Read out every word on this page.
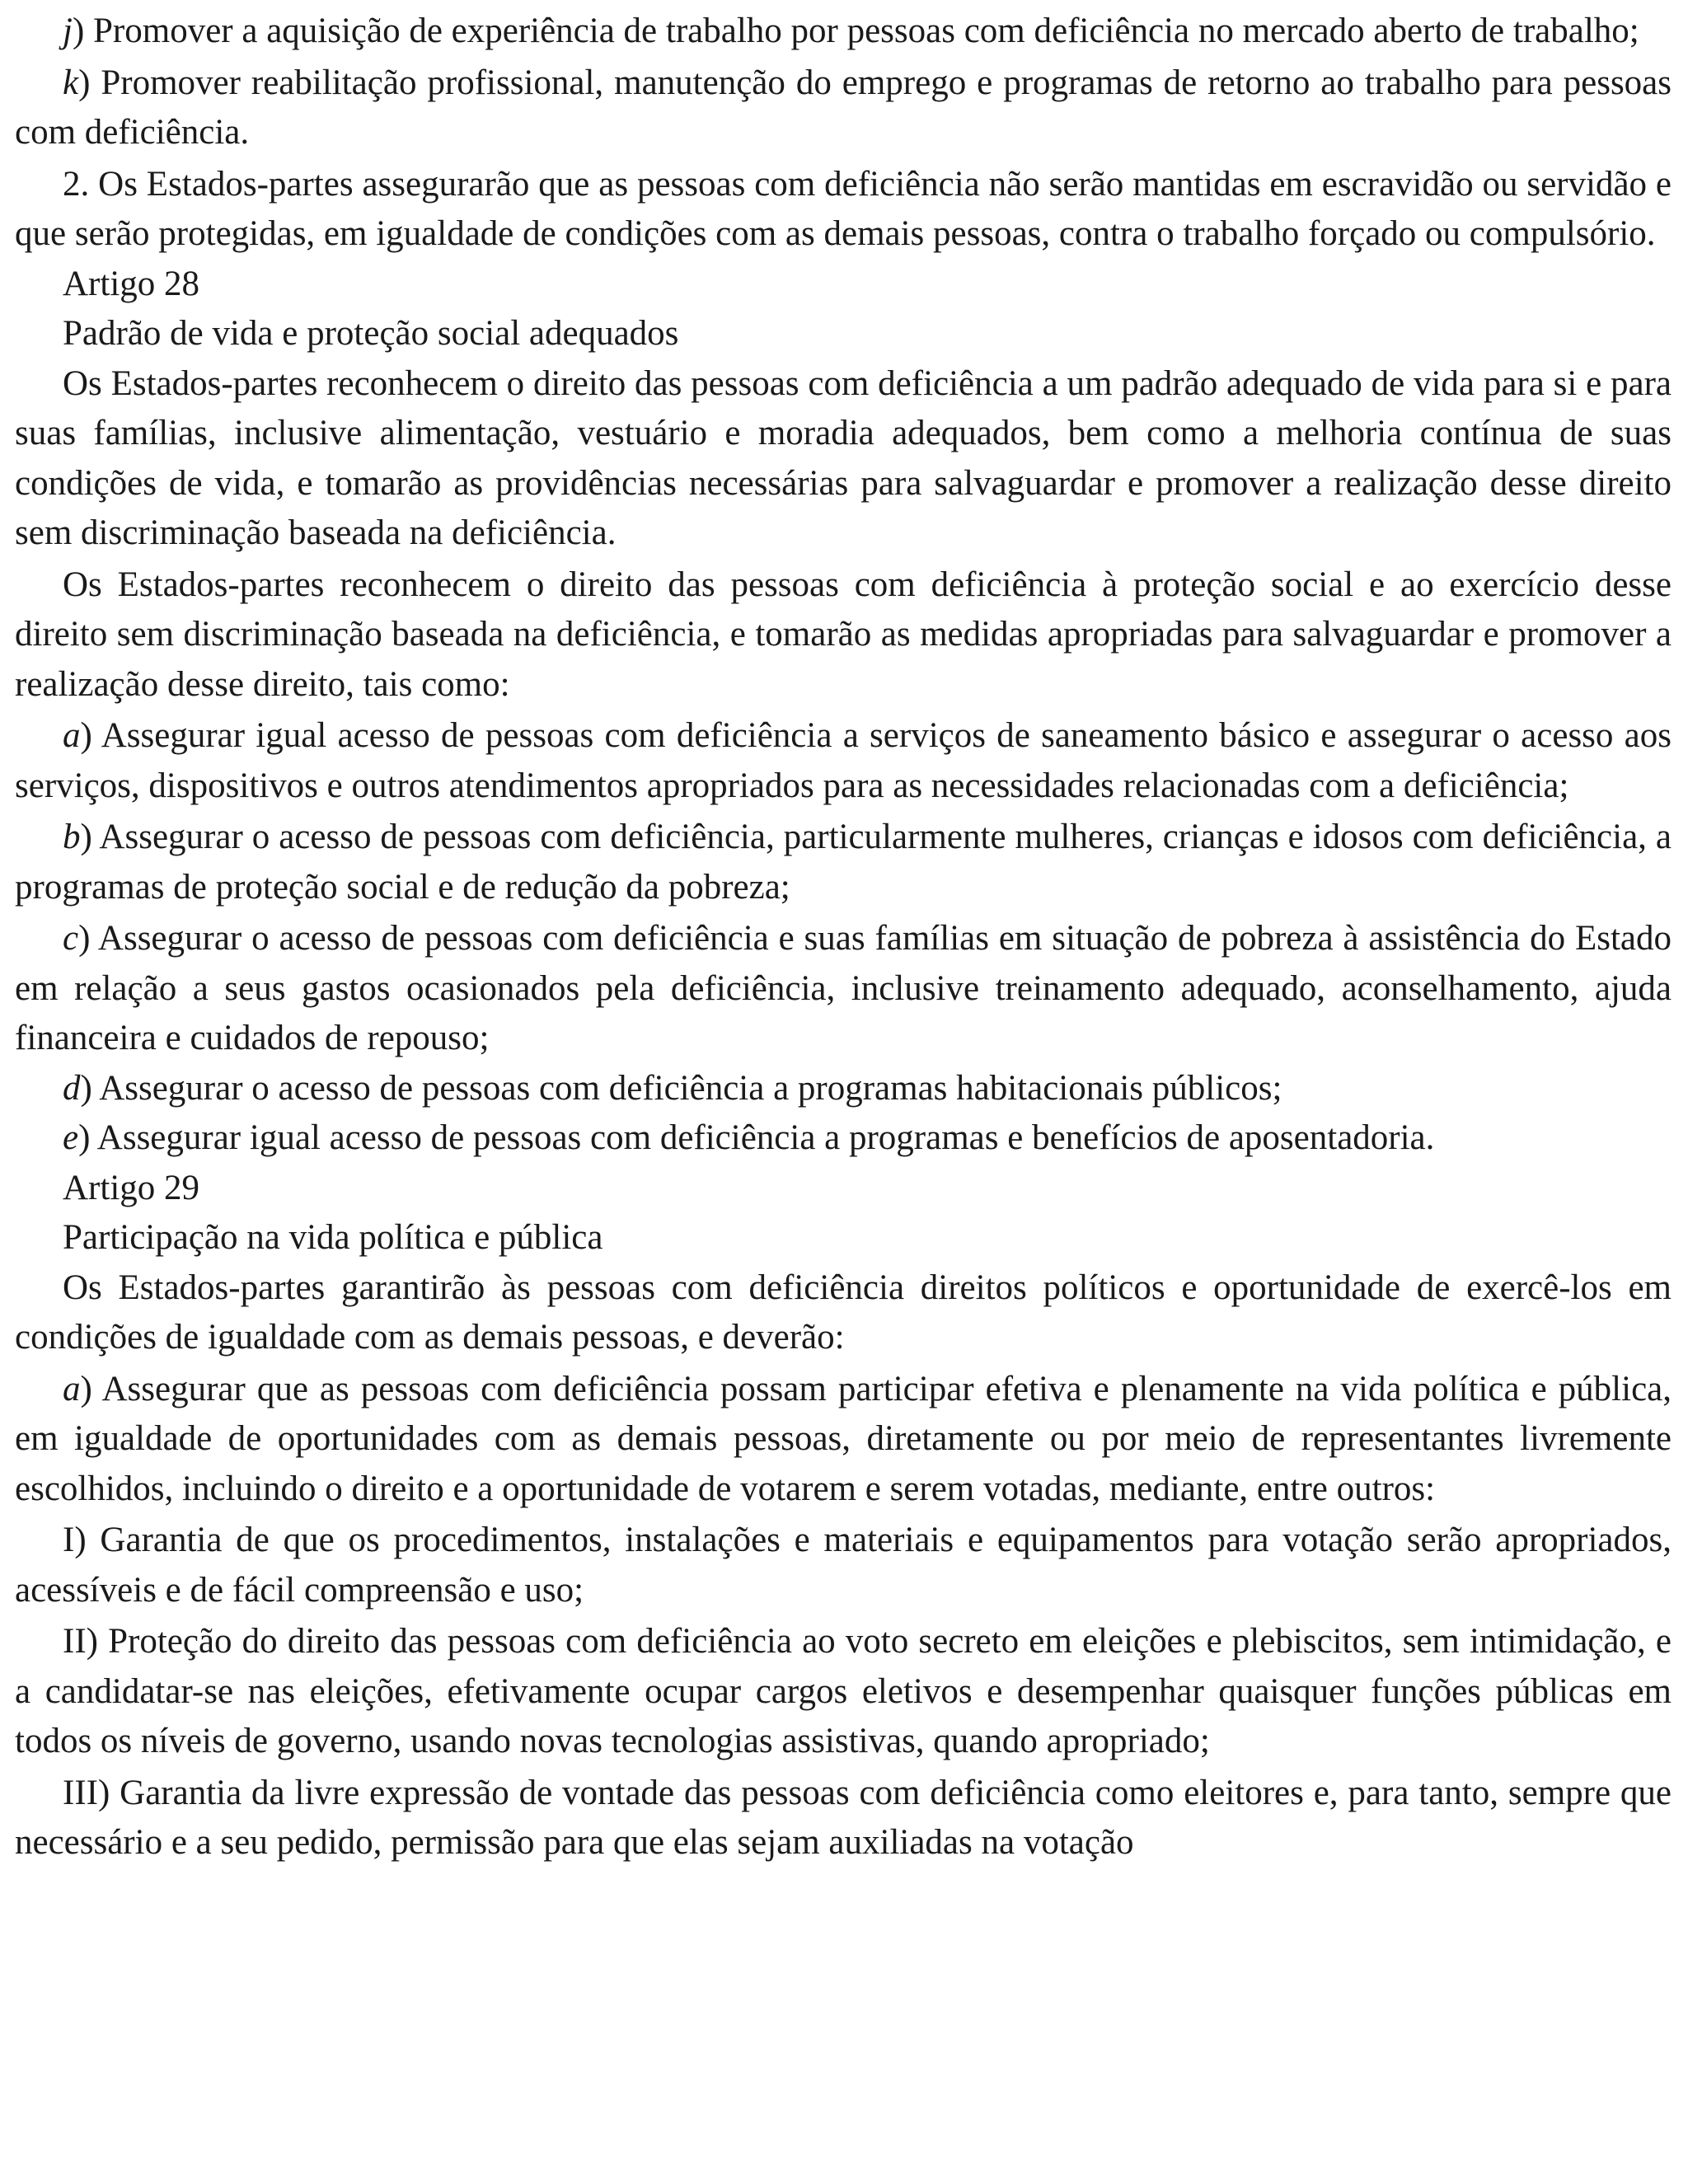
j) Promover a aquisição de experiência de trabalho por pessoas com deficiência no mercado aberto de trabalho;

k) Promover reabilitação profissional, manutenção do emprego e programas de retorno ao trabalho para pessoas com deficiência.

2. Os Estados-partes assegurarão que as pessoas com deficiência não serão mantidas em escravidão ou servidão e que serão protegidas, em igualdade de condições com as demais pessoas, contra o trabalho forçado ou compulsório.

Artigo 28

Padrão de vida e proteção social adequados

Os Estados-partes reconhecem o direito das pessoas com deficiência a um padrão adequado de vida para si e para suas famílias, inclusive alimentação, vestuário e moradia adequados, bem como a melhoria contínua de suas condições de vida, e tomarão as providências necessárias para salvaguardar e promover a realização desse direito sem discriminação baseada na deficiência.

Os Estados-partes reconhecem o direito das pessoas com deficiência à proteção social e ao exercício desse direito sem discriminação baseada na deficiência, e tomarão as medidas apropriadas para salvaguardar e promover a realização desse direito, tais como:

a) Assegurar igual acesso de pessoas com deficiência a serviços de saneamento básico e assegurar o acesso aos serviços, dispositivos e outros atendimentos apropriados para as necessidades relacionadas com a deficiência;

b) Assegurar o acesso de pessoas com deficiência, particularmente mulheres, crianças e idosos com deficiência, a programas de proteção social e de redução da pobreza;

c) Assegurar o acesso de pessoas com deficiência e suas famílias em situação de pobreza à assistência do Estado em relação a seus gastos ocasionados pela deficiência, inclusive treinamento adequado, aconselhamento, ajuda financeira e cuidados de repouso;

d) Assegurar o acesso de pessoas com deficiência a programas habitacionais públicos;

e) Assegurar igual acesso de pessoas com deficiência a programas e benefícios de aposentadoria.

Artigo 29

Participação na vida política e pública

Os Estados-partes garantirão às pessoas com deficiência direitos políticos e oportunidade de exercê-los em condições de igualdade com as demais pessoas, e deverão:

a) Assegurar que as pessoas com deficiência possam participar efetiva e plenamente na vida política e pública, em igualdade de oportunidades com as demais pessoas, diretamente ou por meio de representantes livremente escolhidos, incluindo o direito e a oportunidade de votarem e serem votadas, mediante, entre outros:

I) Garantia de que os procedimentos, instalações e materiais e equipamentos para votação serão apropriados, acessíveis e de fácil compreensão e uso;

II) Proteção do direito das pessoas com deficiência ao voto secreto em eleições e plebiscitos, sem intimidação, e a candidatar-se nas eleições, efetivamente ocupar cargos eletivos e desempenhar quaisquer funções públicas em todos os níveis de governo, usando novas tecnologias assistivas, quando apropriado;

III) Garantia da livre expressão de vontade das pessoas com deficiência como eleitores e, para tanto, sempre que necessário e a seu pedido, permissão para que elas sejam auxiliadas na votação
